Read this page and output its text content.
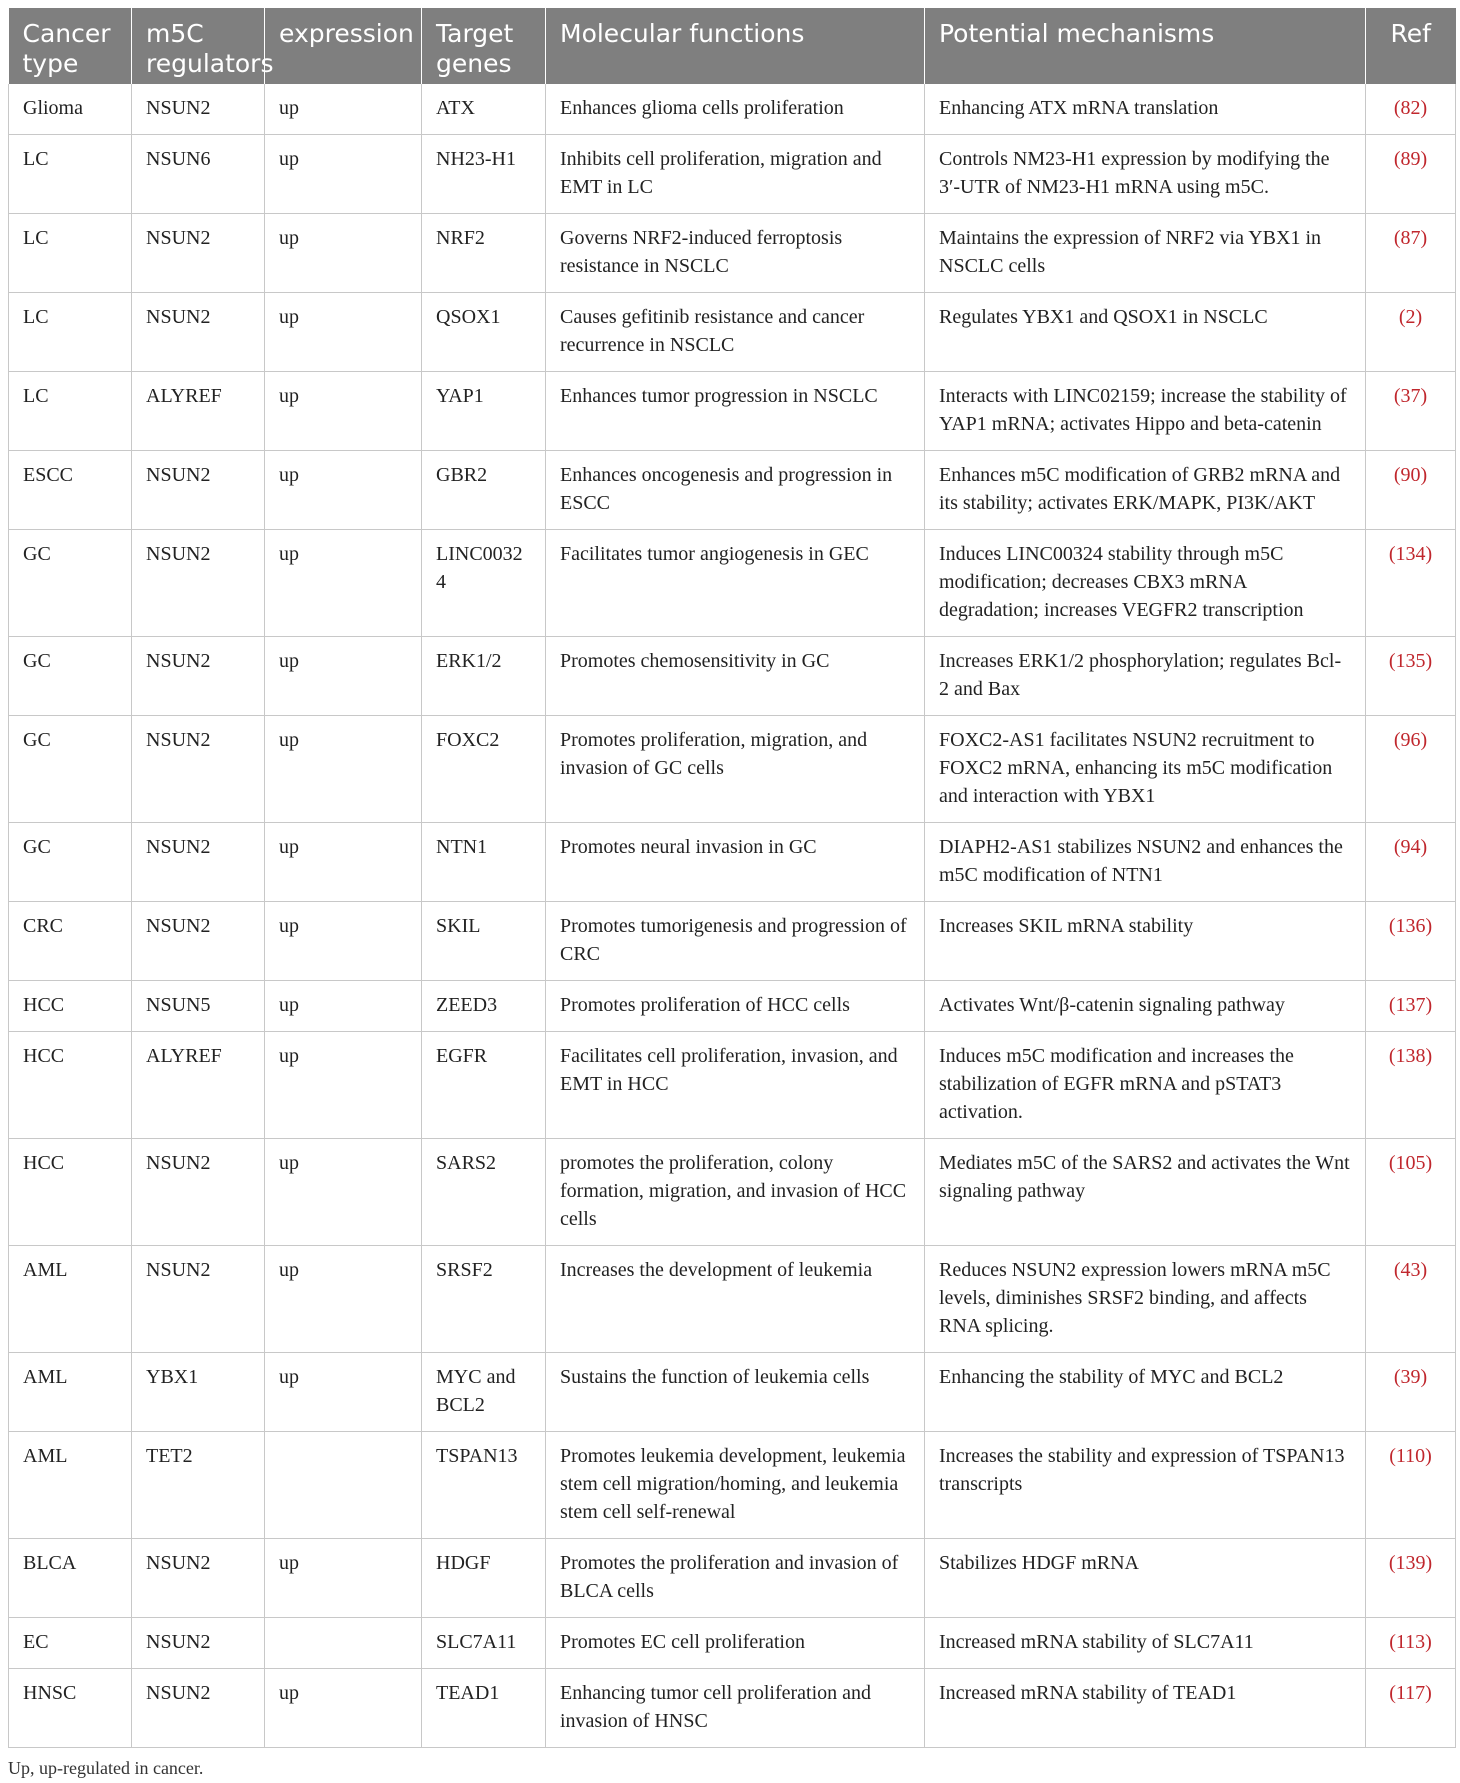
Cancer type	m5C regulators	expression	Target genes	Molecular functions	Potential mechanisms	Ref
Glioma	NSUN2	up	ATX	Enhances glioma cells proliferation	Enhancing ATX mRNA translation	(82)
LC	NSUN6	up	NH23-H1	Inhibits cell proliferation, migration and EMT in LC	Controls NM23-H1 expression by modifying the 3′-UTR of NM23-H1 mRNA using m5C.	(89)
LC	NSUN2	up	NRF2	Governs NRF2-induced ferroptosis resistance in NSCLC	Maintains the expression of NRF2 via YBX1 in NSCLC cells	(87)
LC	NSUN2	up	QSOX1	Causes gefitinib resistance and cancer recurrence in NSCLC	Regulates YBX1 and QSOX1 in NSCLC	(2)
LC	ALYREF	up	YAP1	Enhances tumor progression in NSCLC	Interacts with LINC02159; increase the stability of YAP1 mRNA; activates Hippo and beta-catenin	(37)
ESCC	NSUN2	up	GBR2	Enhances oncogenesis and progression in ESCC	Enhances m5C modification of GRB2 mRNA and its stability; activates ERK/MAPK, PI3K/AKT	(90)
GC	NSUN2	up	LINC00324	Facilitates tumor angiogenesis in GEC	Induces LINC00324 stability through m5C modification; decreases CBX3 mRNA degradation; increases VEGFR2 transcription	(134)
GC	NSUN2	up	ERK1/2	Promotes chemosensitivity in GC	Increases ERK1/2 phosphorylation; regulates Bcl-2 and Bax	(135)
GC	NSUN2	up	FOXC2	Promotes proliferation, migration, and invasion of GC cells	FOXC2-AS1 facilitates NSUN2 recruitment to FOXC2 mRNA, enhancing its m5C modification and interaction with YBX1	(96)
GC	NSUN2	up	NTN1	Promotes neural invasion in GC	DIAPH2-AS1 stabilizes NSUN2 and enhances the m5C modification of NTN1	(94)
CRC	NSUN2	up	SKIL	Promotes tumorigenesis and progression of CRC	Increases SKIL mRNA stability	(136)
HCC	NSUN5	up	ZEED3	Promotes proliferation of HCC cells	Activates Wnt/β-catenin signaling pathway	(137)
HCC	ALYREF	up	EGFR	Facilitates cell proliferation, invasion, and EMT in HCC	Induces m5C modification and increases the stabilization of EGFR mRNA and pSTAT3 activation.	(138)
HCC	NSUN2	up	SARS2	promotes the proliferation, colony formation, migration, and invasion of HCC cells	Mediates m5C of the SARS2 and activates the Wnt signaling pathway	(105)
AML	NSUN2	up	SRSF2	Increases the development of leukemia	Reduces NSUN2 expression lowers mRNA m5C levels, diminishes SRSF2 binding, and affects RNA splicing.	(43)
AML	YBX1	up	MYC and BCL2	Sustains the function of leukemia cells	Enhancing the stability of MYC and BCL2	(39)
AML	TET2		TSPAN13	Promotes leukemia development, leukemia stem cell migration/homing, and leukemia stem cell self-renewal	Increases the stability and expression of TSPAN13 transcripts	(110)
BLCA	NSUN2	up	HDGF	Promotes the proliferation and invasion of BLCA cells	Stabilizes HDGF mRNA	(139)
EC	NSUN2		SLC7A11	Promotes EC cell proliferation	Increased mRNA stability of SLC7A11	(113)
HNSC	NSUN2	up	TEAD1	Enhancing tumor cell proliferation and invasion of HNSC	Increased mRNA stability of TEAD1	(117)
Up, up-regulated in cancer.
